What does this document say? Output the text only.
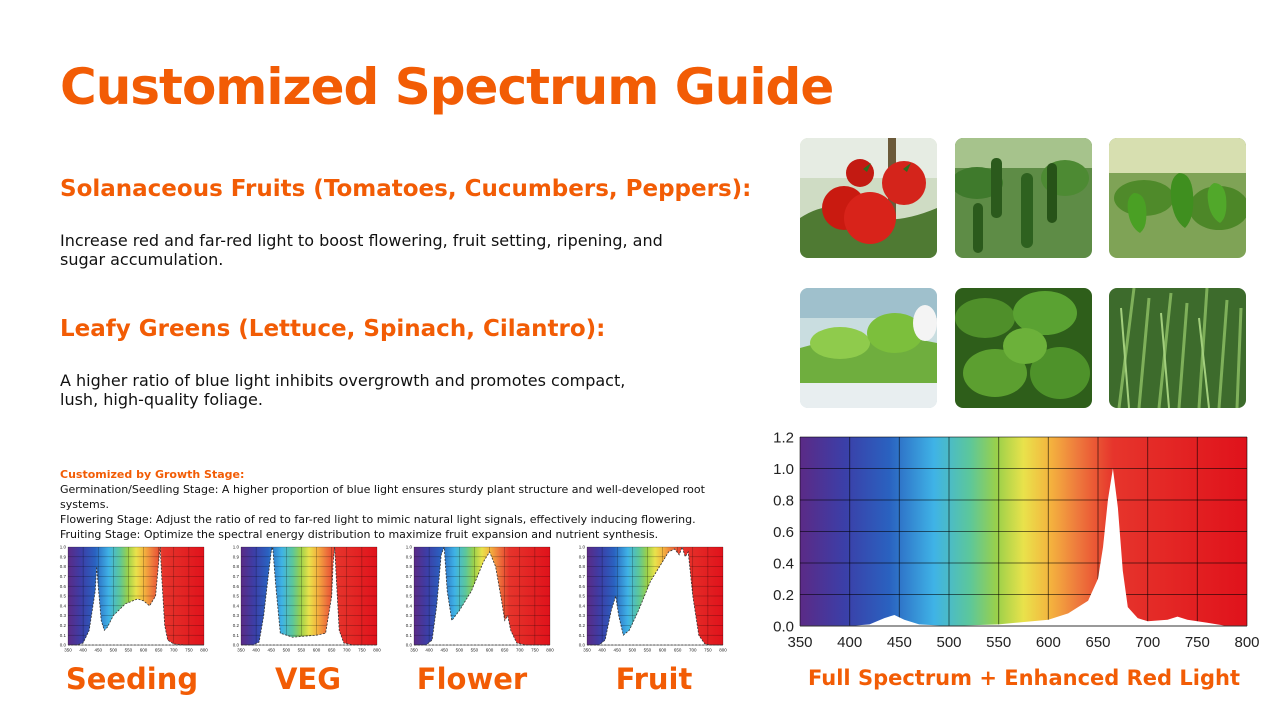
Customized Spectrum Guide
Solanaceous Fruits (Tomatoes, Cucumbers, Peppers):

Increase red and far-red light to boost flowering, fruit setting, ripening, and sugar accumulation.

Leafy Greens (Lettuce, Spinach, Cilantro):

A higher ratio of blue light inhibits overgrowth and promotes compact, lush, high-quality foliage.

Customized by Growth Stage:
Germination/Seedling Stage: A higher proportion of blue light ensures sturdy plant structure and well-developed root systems.
Flowering Stage: Adjust the ratio of red to far-red light to mimic natural light signals, effectively inducing flowering.
Fruiting Stage: Optimize the spectral energy distribution to maximize fruit expansion and nutrient synthesis.
350 400 450 500 550 600 650 700 750 800
0.0
0.2
0.4
0.6
0.8
1.0
1.2
Full Spectrum + Enhanced Red Light
350 400 450 500 550 600 650 700 750 800
0.0
0.1
0.2
0.3
0.4
0.5
0.6
0.7
0.8
0.9
1.0
350 400 450 500 550 600 650 700 750 800
0.0
0.1
0.2
0.3
0.4
0.5
0.6
0.7
0.8
0.9
1.0
350 400 450 500 550 600 650 700 750 800
0.0
0.1
0.2
0.3
0.4
0.5
0.6
0.7
0.8
0.9
1.0
350 400 450 500 550 600 650 700 750 800
0.0
0.1
0.2
0.3
0.4
0.5
0.6
0.7
0.8
0.9
1.0
Seeding	VEG	Flower	Fruit
